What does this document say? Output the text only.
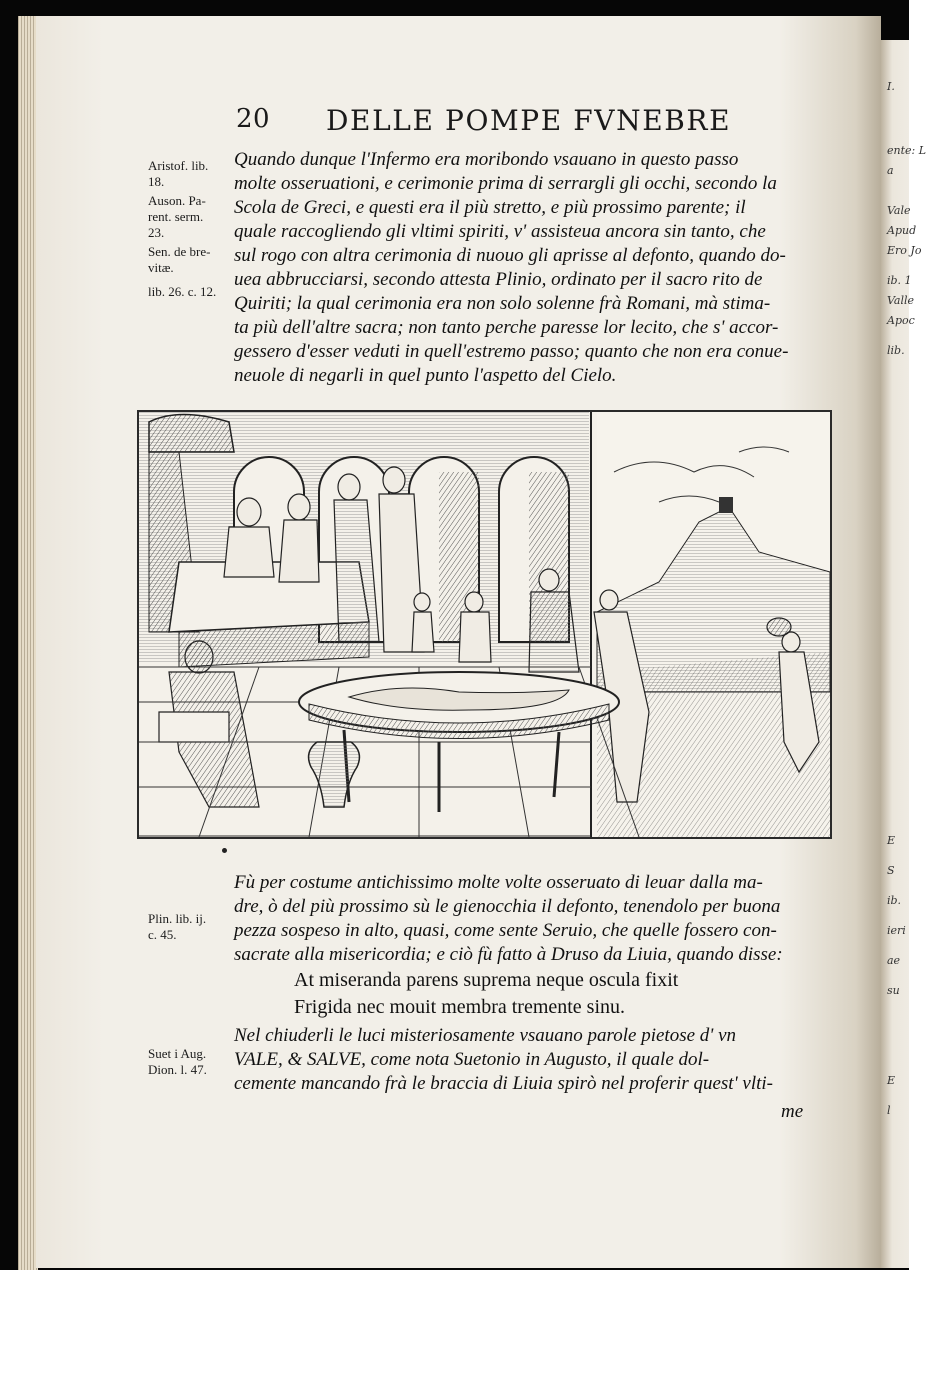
20 DELLE POMPE FVNEBRE
Aristof. lib.
18.
Auson. Pa-
rent. serm.
23.
Sen. de bre-
vitæ.
lib. 26. c. 12.
Plin. lib. ij.
c. 45.
Suet i Aug.
Dion. l. 47.
Quando dunque l'Infermo era moribondo vsauano in questo passo
molte osseruationi, e cerimonie prima di serrargli gli occhi, secondo la
Scola de Greci, e questi era il più stretto, e più prossimo parente; il
quale raccogliendo gli vltimi spiriti, v' assisteua ancora sin tanto, che
sul rogo con altra cerimonia di nuouo gli aprisse al defonto, quando do-
uea abbrucciarsi, secondo attesta Plinio, ordinato per il sacro rito de
Quiriti; la qual cerimonia era non solo solenne frà Romani, mà stima-
ta più dell'altre sacra; non tanto perche paresse lor lecito, che s' accor-
gessero d'esser veduti in quell'estremo passo; quanto che non era conue-
neuole di negarli in quel punto l'aspetto del Cielo.
Fù per costume antichissimo molte volte osseruato di leuar dalla ma-
dre, ò del più prossimo sù le gienocchia il defonto, tenendolo per buona
pezza sospeso in alto, quasi, come sente Seruio, che quelle fossero con-
sacrate alla misericordia; e ciò fù fatto à Druso da Liuia, quando disse:
At miseranda parens suprema neque oscula fixit
Frigida nec mouit membra tremente sinu.
Nel chiuderli le luci misteriosamente vsauano parole pietose d' vn
VALE, & SALVE, come nota Suetonio in Augusto, il quale dol-
cemente mancando frà le braccia di Liuia spirò nel proferir quest' vlti-
me
I.
ente: L
a
Vale
Apud
Ero Jo
ib. 1
Valle
Apoc
lib.
E
S
ib.
ieri
ae
su
E
l
